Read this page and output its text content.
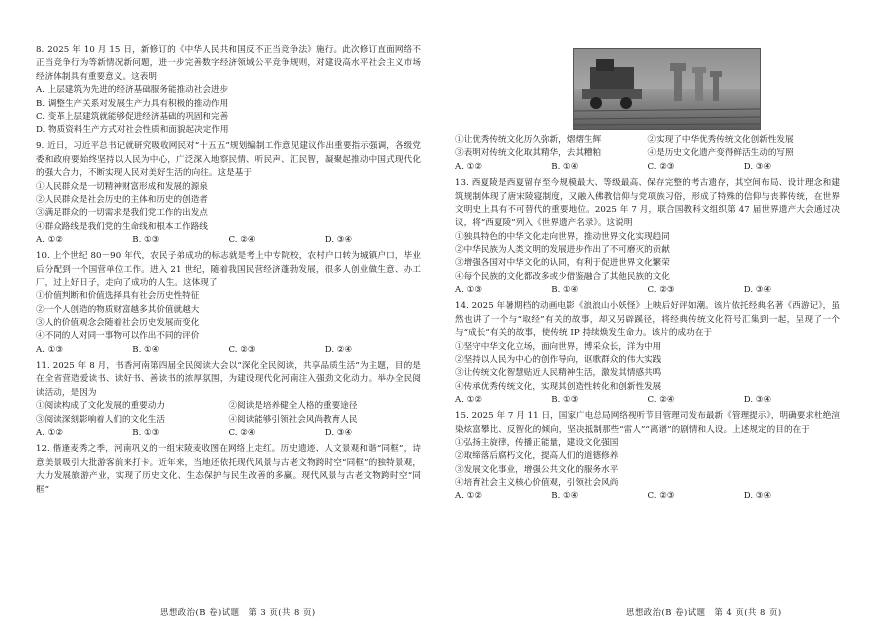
8. 2025 年 10 月 15 日，新修订的《中华人民共和国反不正当竞争法》施行。此次修订直面网络不正当竞争行为等新情况新问题，进一步完善数字经济领域公平竞争规则，对建设高水平社会主义市场经济体制具有重要意义。这表明

A. 上层建筑为先进的经济基础服务能推动社会进步

B. 调整生产关系对发展生产力具有积极的推动作用

C. 变革上层建筑就能够促进经济基础的巩固和完善

D. 物质资料生产方式对社会性质和面貌起决定作用

9. 近日，习近平总书记就研究吸收网民对“十五五”规划编制工作意见建议作出重要指示强调，各级党委和政府要始终坚持以人民为中心，广泛深入地察民情、听民声、汇民智，凝聚起推动中国式现代化的强大合力，不断实现人民对美好生活的向往。这是基于

①人民群众是一切精神财富形成和发展的源泉

②人民群众是社会历史的主体和历史的创造者

③满足群众的一切需求是我们党工作的出发点

④群众路线是我们党的生命线和根本工作路线

A. ①②	B. ①③	C. ②④	D. ③④

10. 上个世纪 80－90 年代，农民子弟成功的标志就是考上中专院校，农村户口转为城镇户口，毕业后分配到一个国营单位工作。进入 21 世纪，随着我国民营经济蓬勃发展，很多人创业做生意、办工厂，过上好日子，走向了成功的人生。这体现了

①价值判断和价值选择具有社会历史性特征

②一个人创造的物质财富越多其价值就越大

③人的价值观念会随着社会历史发展而变化

④不同的人对同一事物可以作出不同的评价

A. ①③	B. ①④	C. ②③	D. ②④

11. 2025 年 8 月，书香河南第四届全民阅读大会以“深化全民阅读，共享品质生活”为主题，目的是在全省营造爱读书、读好书、善读书的浓厚氛围，为建设现代化河南注入强劲文化动力。举办全民阅读活动，是因为

①阅读构成了文化发展的重要动力	②阅读是培养健全人格的重要途径
③阅读深刻影响着人们的文化生活	④阅读能够引领社会风尚教育人民
A. ①②	B. ①③	C. ②④	D. ③④

12. 偕逢麦秀之季，河南巩义的一组宋陵麦收图在网络上走红。历史遗迹、人文景观和谐“同框”，诗意美景吸引大批游客前来打卡。近年来，当地还依托现代风景与古老文物跨时空“同框”的独特景观，大力发展旅游产业，实现了历史文化、生态保护与民生改善的多赢。现代风景与古老文物跨时空“同框”

思想政治(B 卷)试题　第 3 页(共 8 页)
①让优秀传统文化历久弥新，熠熠生辉	②实现了中华优秀传统文化创新性发展
③表明对传统文化取其精华，去其糟粕	④是历史文化遗产变得鲜活生动的写照
A. ①②	B. ①④	C. ②③	D. ③④

13. 西夏陵是西夏留存至今规模最大、等级最高、保存完整的考古遗存，其空间布局、设计理念和建筑规制体现了唐宋陵寝制度，又融入佛教信仰与党项族习俗，形成了特殊的信仰与丧葬传统，在世界文明史上具有不可替代的重要地位。2025 年 7 月，联合国教科文组织第 47 届世界遗产大会通过决议，将“西夏陵”列入《世界遗产名录》。这说明

①独具特色的中华文化走向世界，推动世界文化实现趋同

②中华民族为人类文明的发展进步作出了不可磨灭的贡献

③增强各国对中华文化的认同，有利于促进世界文化繁荣

④每个民族的文化都改多或少借鉴融合了其他民族的文化

A. ①③	B. ①④	C. ②③	D. ③④

14. 2025 年暑期档的动画电影《浪浪山小妖怪》上映后好评如潮。该片依托经典名著《西游记》，虽然也讲了一个与“取经”有关的故事，却又另辟蹊径，将经典传统文化符号汇集到一起，呈现了一个与“成长”有关的故事，使传统 IP 持续焕发生命力。该片的成功在于

①坚守中华文化立场，面向世界，博采众长，洋为中用

②坚持以人民为中心的创作导向，讴歌群众的伟大实践

③让传统文化智慧贴近人民精神生活，激发其情感共鸣

④传承优秀传统文化，实现其创造性转化和创新性发展

A. ①②	B. ①③	C. ②④	D. ③④

15. 2025 年 7 月 11 日，国家广电总局网络视听节目管理司发布最新《管理提示》，明确要求杜绝渲染炫富攀比、反智化的倾向，坚决抵制那些“雷人”“离谱”的剧情和人设。上述规定的目的在于

①弘扬主旋律，传播正能量，建设文化强国

②取缔落后腐朽文化，提高人们的道德修养

③发展文化事业，增强公共文化的服务水平

④培育社会主义核心价值观，引领社会风尚

A. ①②	B. ①④	C. ②③	D. ③④
思想政治(B 卷)试题　第 4 页(共 8 页)
